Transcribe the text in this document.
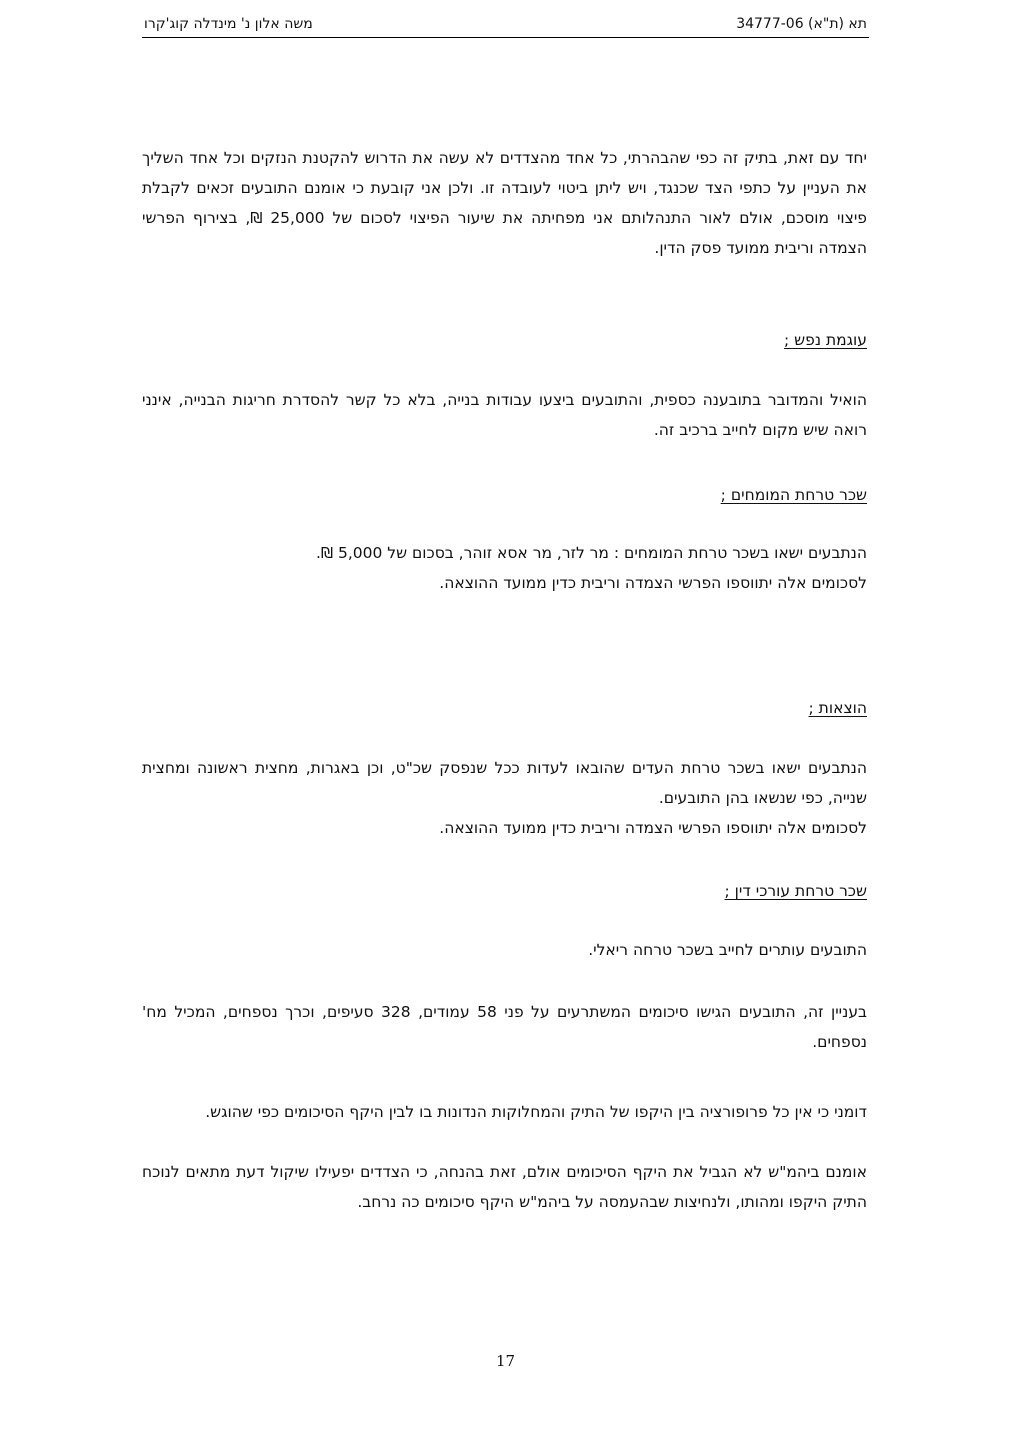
תא (ת"א) 34777-06
משה אלון נ' מינדלה קוג'קרו
יחד עם זאת, בתיק זה כפי שהבהרתי, כל אחד מהצדדים לא עשה את הדרוש להקטנת הנזקים וכל אחד השליך את העניין על כתפי הצד שכנגד, ויש ליתן ביטוי לעובדה זו. ולכן אני קובעת כי אומנם התובעים זכאים לקבלת פיצוי מוסכם, אולם לאור התנהלותם אני מפחיתה את שיעור הפיצוי לסכום של 25,000 ₪, בצירוף הפרשי הצמדה וריבית ממועד פסק הדין.
עוגמת נפש ;
הואיל והמדובר בתובענה כספית, והתובעים ביצעו עבודות בנייה, בלא כל קשר להסדרת חריגות הבנייה, אינני רואה שיש מקום לחייב ברכיב זה.
שכר טרחת המומחים ;
הנתבעים ישאו בשכר טרחת המומחים : מר לזר, מר אסא זוהר, בסכום של 5,000 ₪.
לסכומים אלה יתווספו הפרשי הצמדה וריבית כדין ממועד ההוצאה.
הוצאות ;
הנתבעים ישאו בשכר טרחת העדים שהובאו לעדות ככל שנפסק שכ"ט, וכן באגרות, מחצית ראשונה ומחצית שנייה, כפי שנשאו בהן התובעים.
לסכומים אלה יתווספו הפרשי הצמדה וריבית כדין ממועד ההוצאה.
שכר טרחת עורכי דין ;
התובעים עותרים לחייב בשכר טרחה ריאלי.
בעניין זה, התובעים הגישו סיכומים המשתרעים על פני 58 עמודים, 328 סעיפים, וכרך נספחים, המכיל מח' נספחים.
דומני כי אין כל פרופורציה בין היקפו של התיק והמחלוקות הנדונות בו לבין היקף הסיכומים כפי שהוגש.
אומנם ביהמ"ש לא הגביל את היקף הסיכומים אולם, זאת בהנחה, כי הצדדים יפעילו שיקול דעת מתאים לנוכח התיק היקפו ומהותו, ולנחיצות שבהעמסה על ביהמ"ש היקף סיכומים כה נרחב.
17
